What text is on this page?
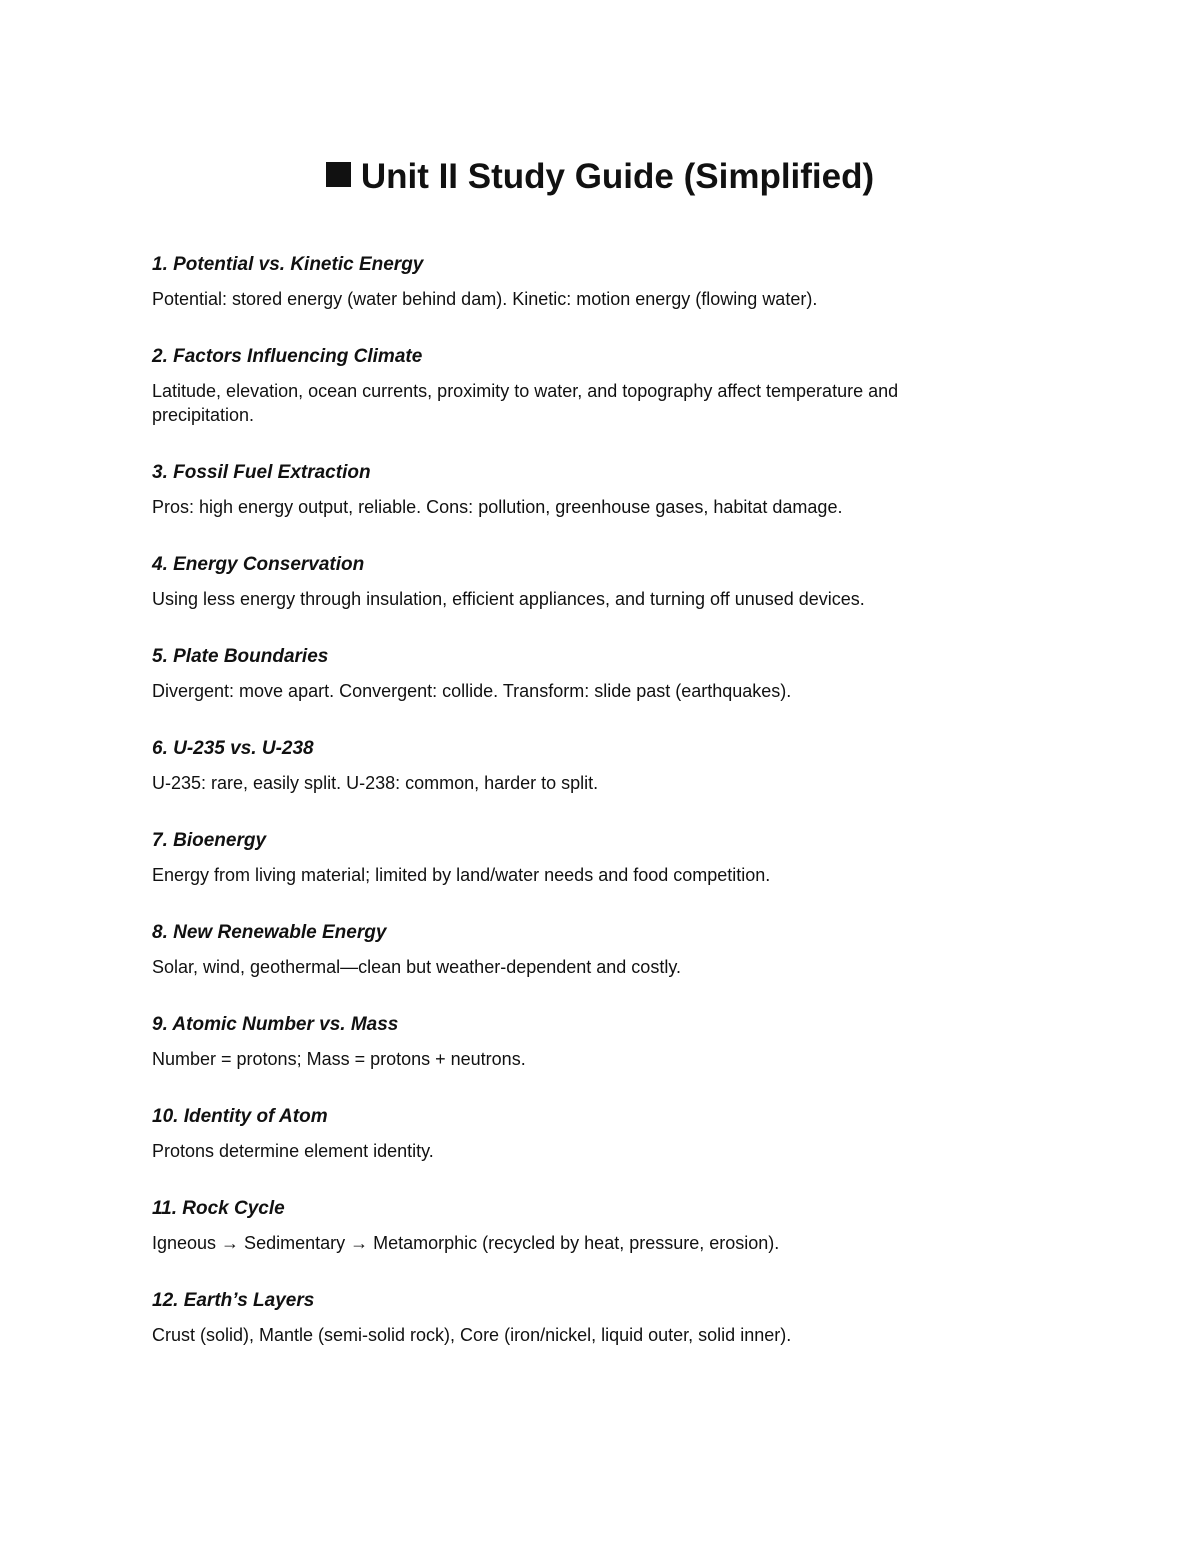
Unit II Study Guide (Simplified)
1. Potential vs. Kinetic Energy
Potential: stored energy (water behind dam). Kinetic: motion energy (flowing water).
2. Factors Influencing Climate
Latitude, elevation, ocean currents, proximity to water, and topography affect temperature and precipitation.
3. Fossil Fuel Extraction
Pros: high energy output, reliable. Cons: pollution, greenhouse gases, habitat damage.
4. Energy Conservation
Using less energy through insulation, efficient appliances, and turning off unused devices.
5. Plate Boundaries
Divergent: move apart. Convergent: collide. Transform: slide past (earthquakes).
6. U-235 vs. U-238
U-235: rare, easily split. U-238: common, harder to split.
7. Bioenergy
Energy from living material; limited by land/water needs and food competition.
8. New Renewable Energy
Solar, wind, geothermal—clean but weather-dependent and costly.
9. Atomic Number vs. Mass
Number = protons; Mass = protons + neutrons.
10. Identity of Atom
Protons determine element identity.
11. Rock Cycle
Igneous → Sedimentary → Metamorphic (recycled by heat, pressure, erosion).
12. Earth’s Layers
Crust (solid), Mantle (semi-solid rock), Core (iron/nickel, liquid outer, solid inner).
